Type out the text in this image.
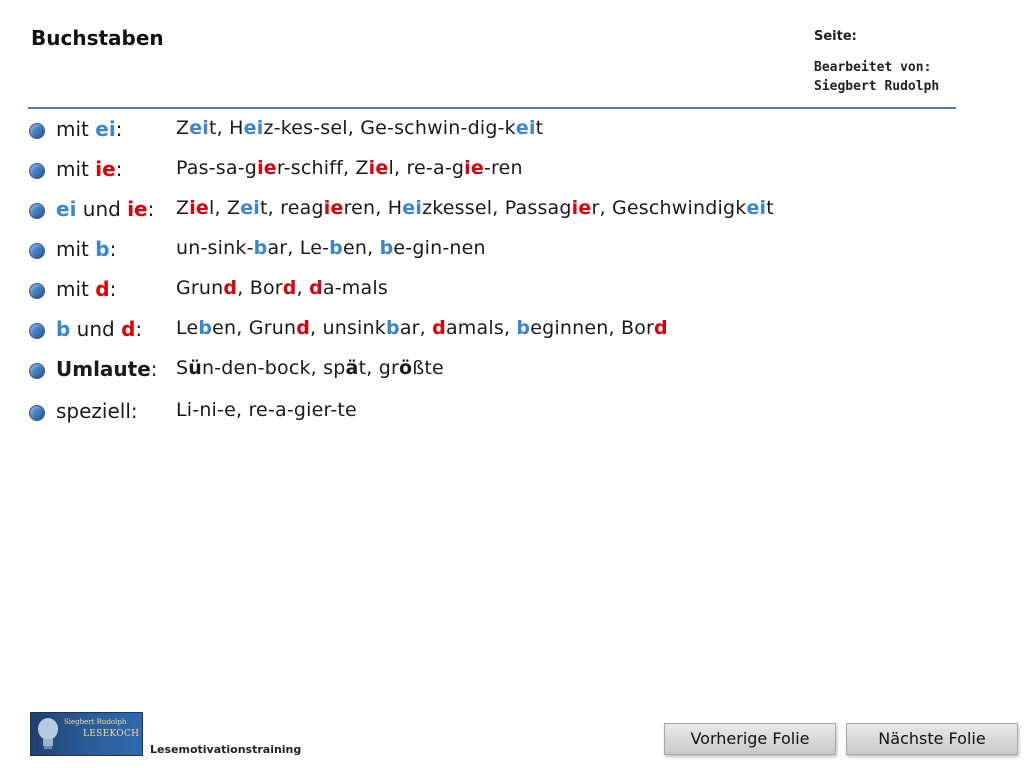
Buchstaben	Seite:
Bearbeitet von:
Siegbert Rudolph
mit ei:	Zeit, Heiz-kes-sel, Ge-schwin-dig-keit
mit ie:	Pas-sa-gier-schiff, Ziel, re-a-gie-ren
ei und ie: Ziel, Zeit, reagieren, Heizkessel, Passagier, Geschwindigkeit
mit b:	un-sink-bar, Le-ben, be-gin-nen
mit d:	Grund, Bord, da-mals
b und d: Leben, Grund, unsinkbar, damals, beginnen, Bord
Umlaute: Sün-den-bock, spät, größte
speziell: Li-ni-e, re-a-gier-te
Siegbert Rudolph
LESEKOCH
Lesemotivationstraining
Vorherige Folie	Nächste Folie
